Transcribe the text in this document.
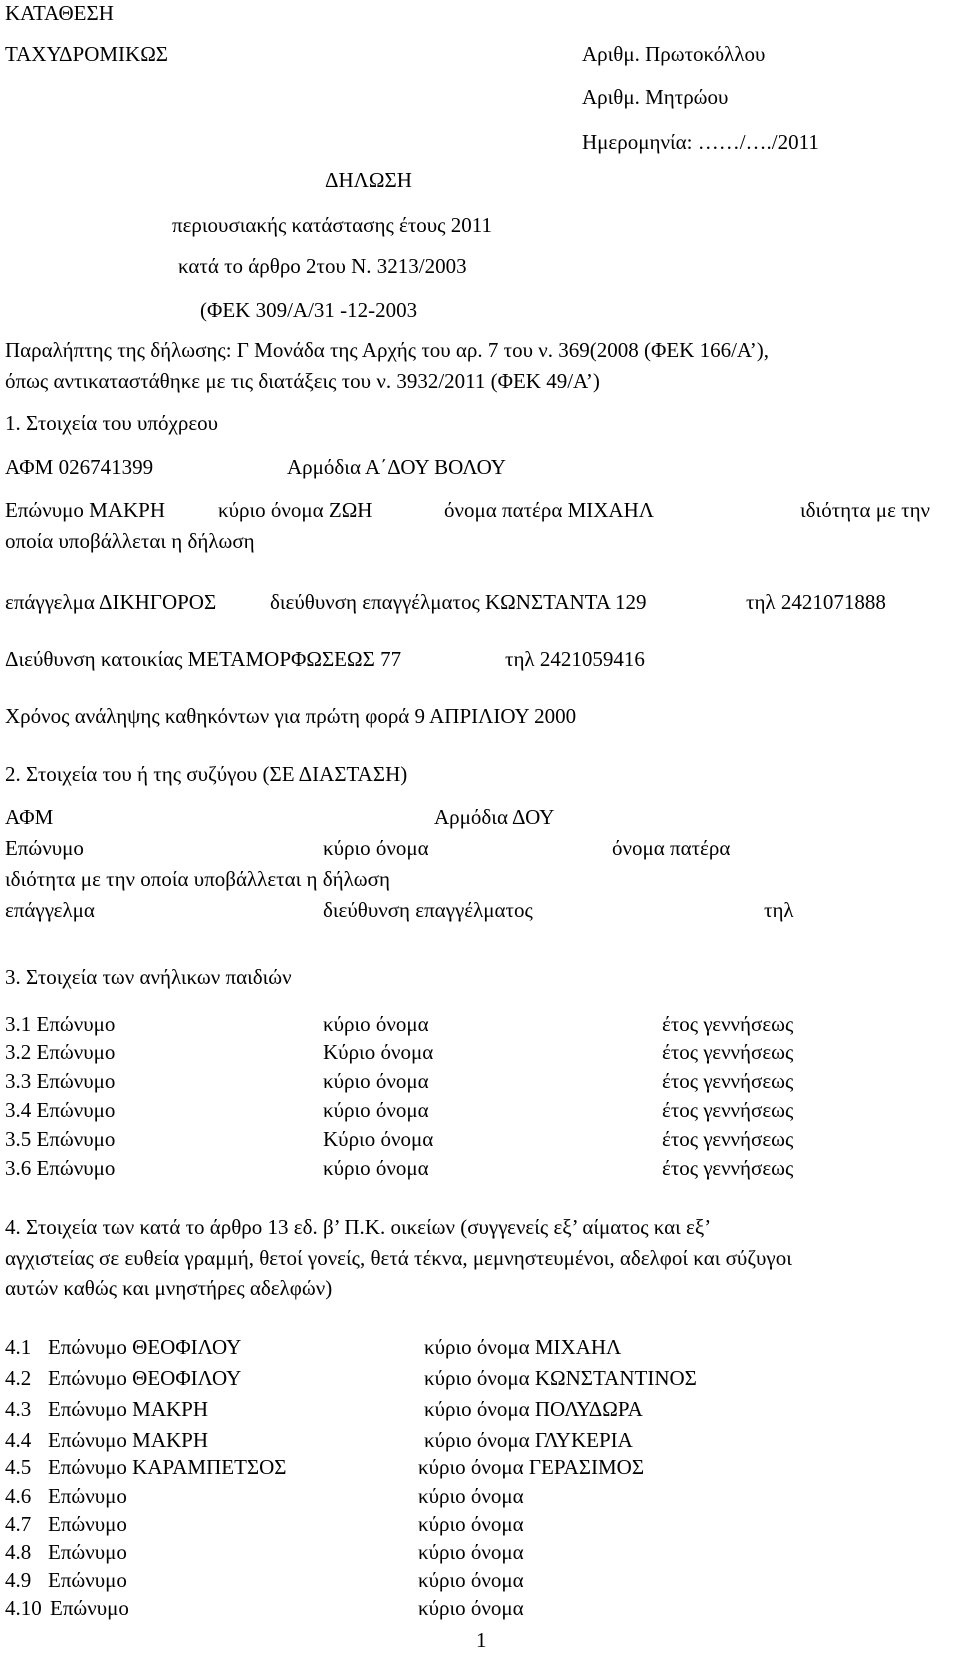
ΚΑΤΑΘΕΣΗ
ΤΑΧΥΔΡΟΜΙΚΩΣ	Αριθμ. Πρωτοκόλλου
Αριθμ. Μητρώου
Ημερομηνία: ……/…./2011
ΔΗΛΩΣΗ
περιουσιακής κατάστασης έτους 2011
κατά το άρθρο 2του Ν. 3213/2003
(ΦΕΚ 309/Α/31 -12-2003
Παραλήπτης της δήλωσης: Γ Μονάδα της Αρχής του αρ. 7 του ν. 369(2008 (ΦΕΚ 166/Α’),
όπως αντικαταστάθηκε με τις διατάξεις του ν. 3932/2011 (ΦΕΚ 49/Α’)
1. Στοιχεία του υπόχρεου
ΑΦΜ 026741399	Αρμόδια Α΄ΔΟΥ ΒΟΛΟΥ
Επώνυμο ΜΑΚΡΗ	κύριο όνομα ΖΩΗ	όνομα πατέρα ΜΙΧΑΗΛ	ιδιότητα με την
οποία υποβάλλεται η δήλωση
επάγγελμα ΔΙΚΗΓΟΡΟΣ	διεύθυνση επαγγέλματος ΚΩΝΣΤΑΝΤΑ 129	τηλ 2421071888
Διεύθυνση κατοικίας ΜΕΤΑΜΟΡΦΩΣΕΩΣ 77	τηλ 2421059416
Χρόνος ανάληψης καθηκόντων για πρώτη φορά 9 ΑΠΡΙΛΙΟΥ 2000
2. Στοιχεία του ή της συζύγου (ΣΕ ΔΙΑΣΤΑΣΗ)
ΑΦΜ	Αρμόδια ΔΟΥ
Επώνυμο	κύριο όνομα	όνομα πατέρα
ιδιότητα με την οποία υποβάλλεται η δήλωση
επάγγελμα	διεύθυνση επαγγέλματος	τηλ
3. Στοιχεία των ανήλικων παιδιών
3.1 Επώνυμο	κύριο όνομα	έτος γεννήσεως
3.2 Επώνυμο	Κύριο όνομα	έτος γεννήσεως
3.3 Επώνυμο	κύριο όνομα	έτος γεννήσεως
3.4 Επώνυμο	κύριο όνομα	έτος γεννήσεως
3.5 Επώνυμο	Κύριο όνομα	έτος γεννήσεως
3.6 Επώνυμο	κύριο όνομα	έτος γεννήσεως
4. Στοιχεία των κατά το άρθρο 13 εδ. β’ Π.Κ. οικείων (συγγενείς εξ’ αίματος και εξ’
αγχιστείας σε ευθεία γραμμή, θετοί γονείς, θετά τέκνα, μεμνηστευμένοι, αδελφοί και σύζυγοι
αυτών καθώς και μνηστήρες αδελφών)
4.1 Επώνυμο ΘΕΟΦΙΛΟΥ	κύριο όνομα ΜΙΧΑΗΛ
4.2 Επώνυμο ΘΕΟΦΙΛΟΥ	κύριο όνομα ΚΩΝΣΤΑΝΤΙΝΟΣ
4.3 Επώνυμο ΜΑΚΡΗ	κύριο όνομα ΠΟΛΥΔΩΡΑ
4.4 Επώνυμο ΜΑΚΡΗ	κύριο όνομα ΓΛΥΚΕΡΙΑ
4.5 Επώνυμο ΚΑΡΑΜΠΕΤΣΟΣ	κύριο όνομα ΓΕΡΑΣΙΜΟΣ
4.6 Επώνυμο	κύριο όνομα
4.7 Επώνυμο	κύριο όνομα
4.8 Επώνυμο	κύριο όνομα
4.9 Επώνυμο	κύριο όνομα
4.10 Επώνυμο	κύριο όνομα
1
